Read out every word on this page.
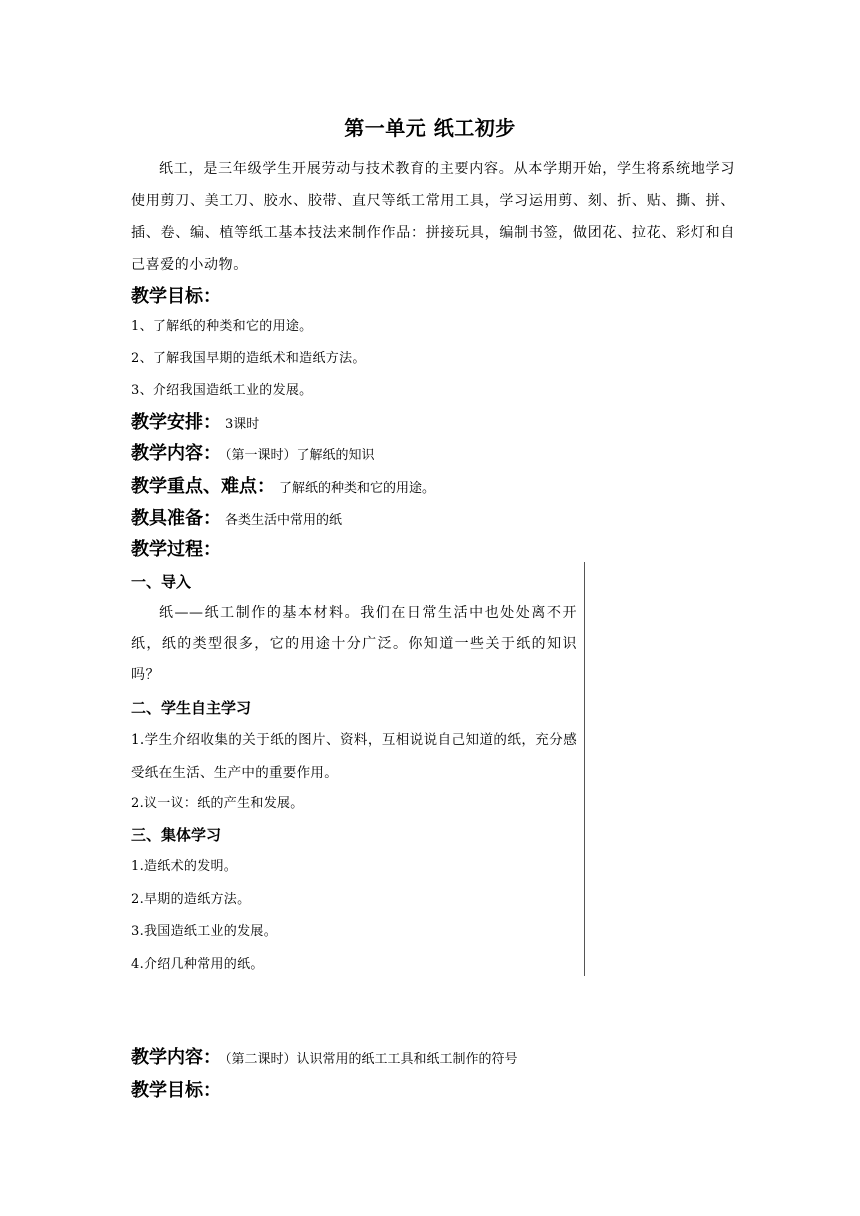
第一单元 纸工初步
纸工，是三年级学生开展劳动与技术教育的主要内容。从本学期开始，学生将系统地学习使用剪刀、美工刀、胶水、胶带、直尺等纸工常用工具，学习运用剪、刻、折、贴、撕、拼、插、卷、编、植等纸工基本技法来制作作品：拼接玩具，编制书签，做团花、拉花、彩灯和自己喜爱的小动物。
教学目标：
1、了解纸的种类和它的用途。
2、了解我国早期的造纸术和造纸方法。
3、介绍我国造纸工业的发展。
教学安排： 3课时
教学内容： （第一课时）了解纸的知识
教学重点、难点： 了解纸的种类和它的用途。
教具准备： 各类生活中常用的纸
教学过程：
一、导入
纸——纸工制作的基本材料。我们在日常生活中也处处离不开纸，纸的类型很多，它的用途十分广泛。你知道一些关于纸的知识吗？
二、学生自主学习
1.学生介绍收集的关于纸的图片、资料，互相说说自己知道的纸，充分感受纸在生活、生产中的重要作用。
2.议一议：纸的产生和发展。
三、集体学习
1.造纸术的发明。
2.早期的造纸方法。
3.我国造纸工业的发展。
4.介绍几种常用的纸。
教学内容： （第二课时）认识常用的纸工工具和纸工制作的符号
教学目标：
